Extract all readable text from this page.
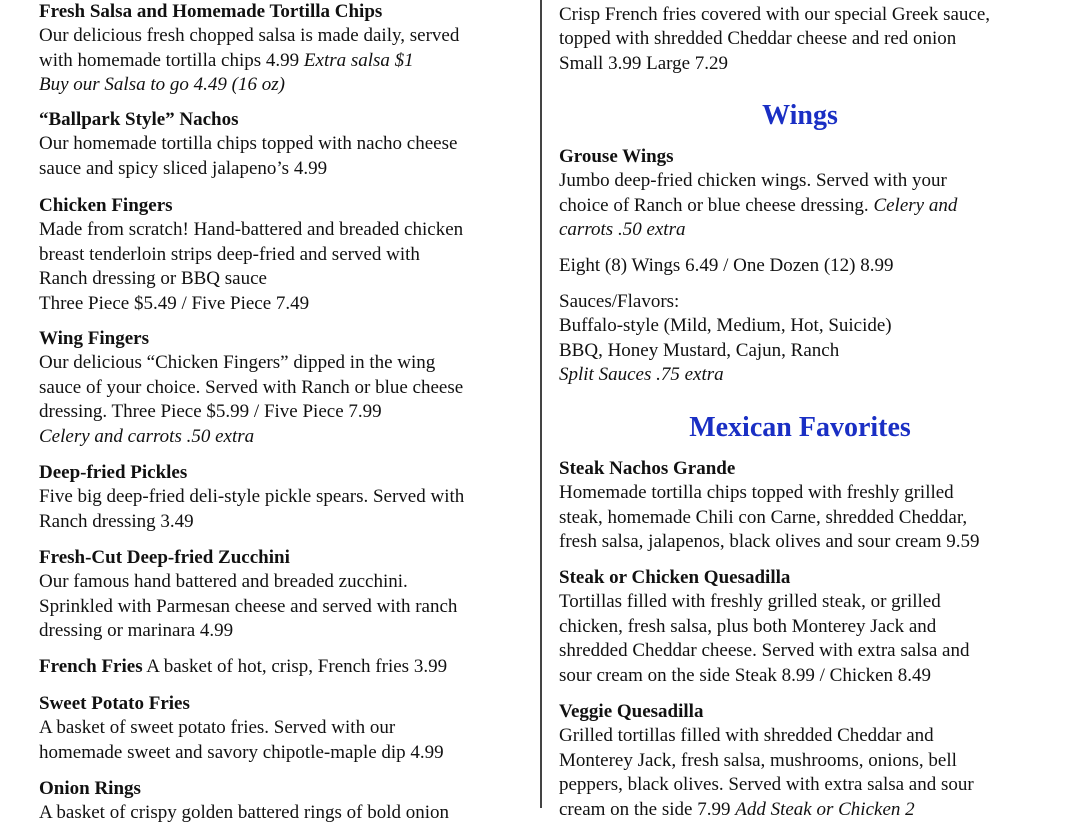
Fresh Salsa and Homemade Tortilla Chips

Our delicious fresh chopped salsa is made daily, served

with homemade tortilla chips 4.99 Extra salsa $1

Buy our Salsa to go 4.49 (16 oz)

“Ballpark Style” Nachos

Our homemade tortilla chips topped with nacho cheese

sauce and spicy sliced jalapeno’s 4.99

Chicken Fingers

Made from scratch! Hand-battered and breaded chicken

breast tenderloin strips deep-fried and served with

Ranch dressing or BBQ sauce

Three Piece $5.49 / Five Piece 7.49

Wing Fingers

Our delicious “Chicken Fingers” dipped in the wing

sauce of your choice. Served with Ranch or blue cheese

dressing. Three Piece $5.99 / Five Piece 7.99

Celery and carrots .50 extra

Deep-fried Pickles

Five big deep-fried deli-style pickle spears. Served with

Ranch dressing 3.49

Fresh-Cut Deep-fried Zucchini

Our famous hand battered and breaded zucchini.

Sprinkled with Parmesan cheese and served with ranch

dressing or marinara 4.99

French Fries A basket of hot, crisp, French fries 3.99

Sweet Potato Fries

A basket of sweet potato fries. Served with our

homemade sweet and savory chipotle-maple dip 4.99

Onion Rings

A basket of crispy golden battered rings of bold onion

Crisp French fries covered with our special Greek sauce,

topped with shredded Cheddar cheese and red onion

Small 3.99 Large 7.29

Wings

Grouse Wings

Jumbo deep-fried chicken wings. Served with your

choice of Ranch or blue cheese dressing. Celery and

carrots .50 extra

Eight (8) Wings 6.49 / One Dozen (12) 8.99

Sauces/Flavors:

Buffalo-style (Mild, Medium, Hot, Suicide)

BBQ, Honey Mustard, Cajun, Ranch

Split Sauces .75 extra

Mexican Favorites

Steak Nachos Grande

Homemade tortilla chips topped with freshly grilled

steak, homemade Chili con Carne, shredded Cheddar,

fresh salsa, jalapenos, black olives and sour cream 9.59

Steak or Chicken Quesadilla

Tortillas filled with freshly grilled steak, or grilled

chicken, fresh salsa, plus both Monterey Jack and

shredded Cheddar cheese. Served with extra salsa and

sour cream on the side Steak 8.99 / Chicken 8.49

Veggie Quesadilla

Grilled tortillas filled with shredded Cheddar and

Monterey Jack, fresh salsa, mushrooms, onions, bell

peppers, black olives. Served with extra salsa and sour

cream on the side 7.99 Add Steak or Chicken 2
